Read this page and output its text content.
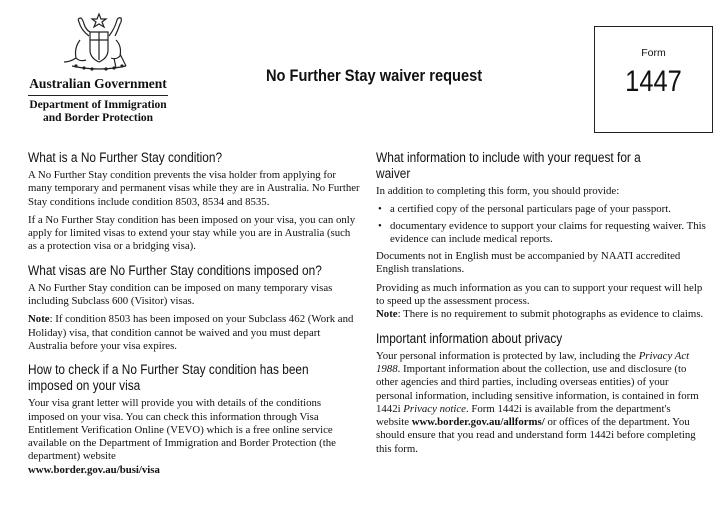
Australian Government
Department of Immigration
and Border Protection
No Further Stay waiver request
Form
1447
What is a No Further Stay condition?

A No Further Stay condition prevents the visa holder from applying for many temporary and permanent visas while they are in Australia. No Further Stay conditions include condition 8503, 8534 and 8535.

If a No Further Stay condition has been imposed on your visa, you can only apply for limited visas to extend your stay while you are in Australia (such as a protection visa or a bridging visa).

What visas are No Further Stay conditions imposed on?

A No Further Stay condition can be imposed on many temporary visas including Subclass 600 (Visitor) visas.

Note: If condition 8503 has been imposed on your Subclass 462 (Work and Holiday) visa, that condition cannot be waived and you must depart Australia before your visa expires.

How to check if a No Further Stay condition has been
imposed on your visa

Your visa grant letter will provide you with details of the conditions imposed on your visa. You can check this information through Visa Entitlement Verification Online (VEVO) which is a free online service available on the Department of Immigration and Border Protection (the department) website
www.border.gov.au/busi/visa

What information to include with your request for a
waiver

In addition to completing this form, you should provide:

• a certified copy of the personal particulars page of your passport.
• documentary evidence to support your claims for requesting waiver. This evidence can include medical reports.

Documents not in English must be accompanied by NAATI accredited English translations.

Providing as much information as you can to support your request will help to speed up the assessment process.

Note: There is no requirement to submit photographs as evidence to claims.

Important information about privacy

Your personal information is protected by law, including the Privacy Act 1988. Important information about the collection, use and disclosure (to other agencies and third parties, including overseas entities) of your personal information, including sensitive information, is contained in form 1442i Privacy notice. Form 1442i is available from the department's website www.border.gov.au/allforms/ or offices of the department. You should ensure that you read and understand form 1442i before completing this form.
